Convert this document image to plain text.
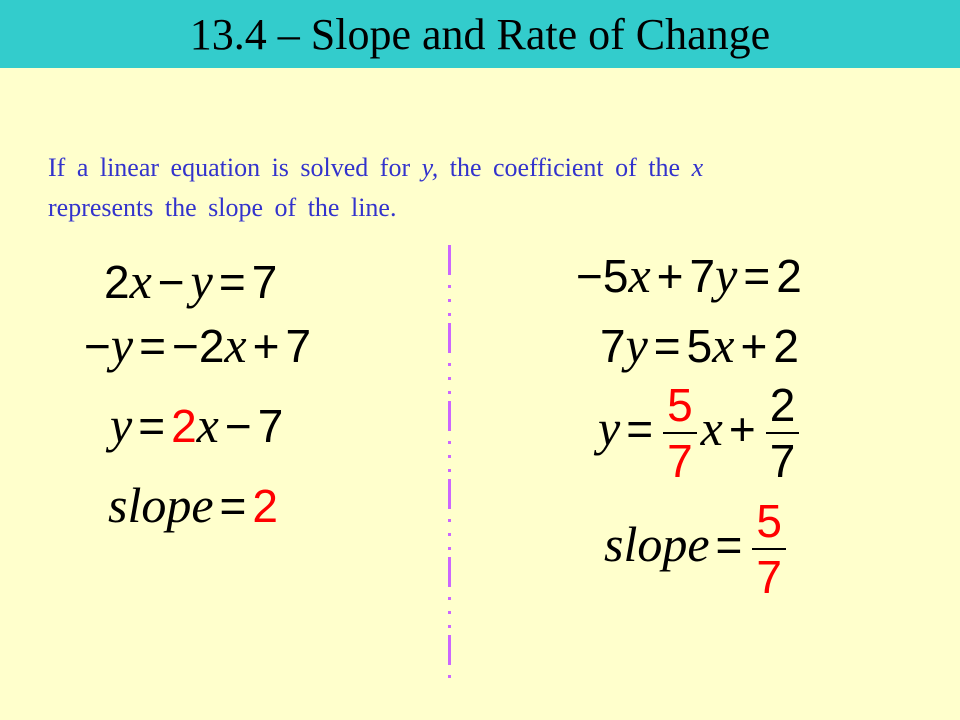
13.4 – Slope and Rate of Change
If a linear equation is solved for y, the coefficient of the x
represents the slope of the line.
2x − y = 7
−y = −2x + 7
y = 2x − 7
slope = 2
−5x + 7y = 2
7y = 5x + 2
$y = \frac{5}{7}$ $x + \frac{2}{7}$
slope = $\frac{5}{7}$
